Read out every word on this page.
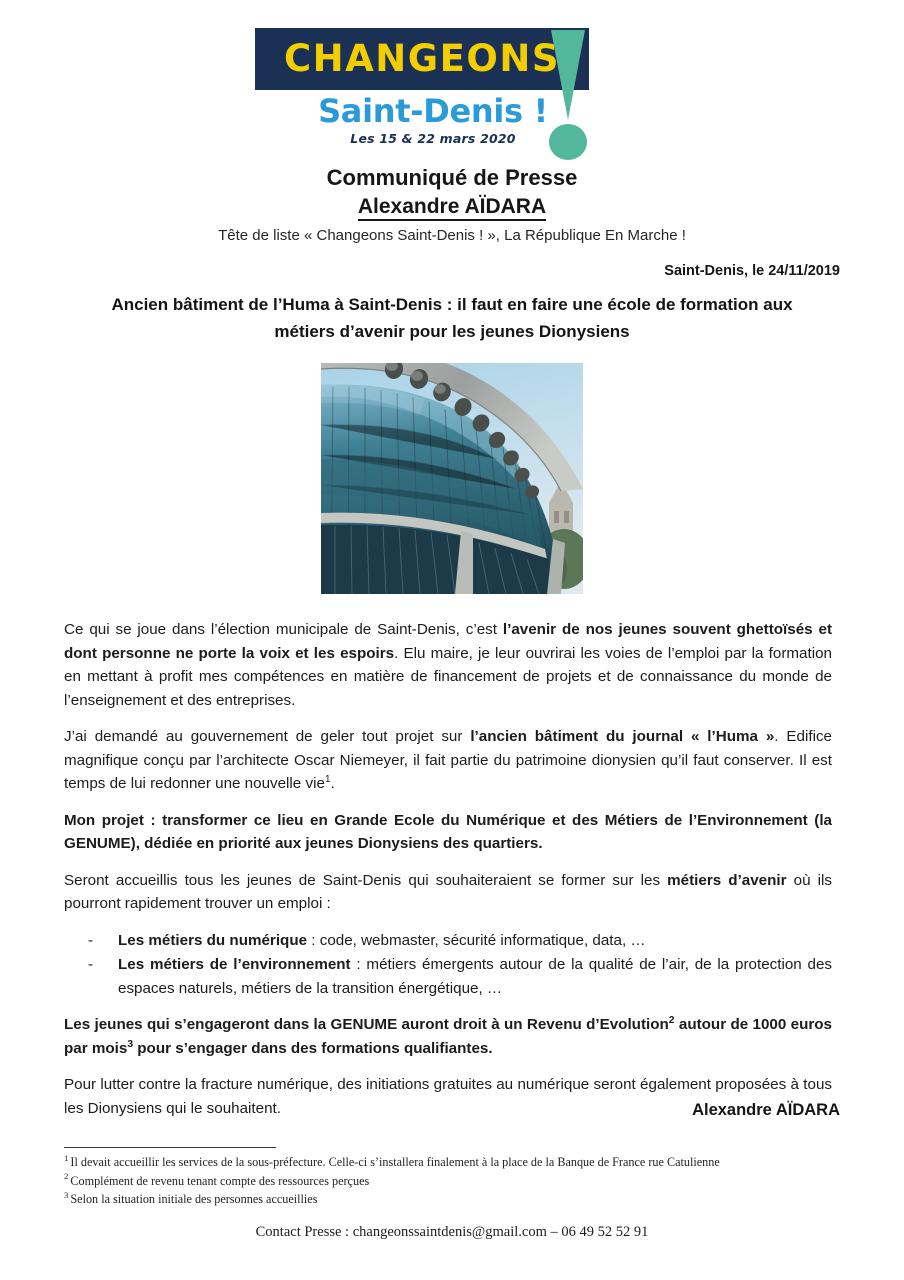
CHANGEONS
Saint-Denis !
Les 15 & 22 mars 2020
Communiqué de Presse
Alexandre AÏDARA
Tête de liste « Changeons Saint-Denis ! », La République En Marche !
Saint-Denis, le 24/11/2019
Ancien bâtiment de l’Huma à Saint-Denis : il faut en faire une école de formation aux métiers d’avenir pour les jeunes Dionysiens

Ce qui se joue dans l’élection municipale de Saint-Denis, c’est l’avenir de nos jeunes souvent ghettoïsés et dont personne ne porte la voix et les espoirs. Elu maire, je leur ouvrirai les voies de l’emploi par la formation en mettant à profit mes compétences en matière de financement de projets et de connaissance du monde de l’enseignement et des entreprises.

J’ai demandé au gouvernement de geler tout projet sur l’ancien bâtiment du journal « l’Huma ». Edifice magnifique conçu par l’architecte Oscar Niemeyer, il fait partie du patrimoine dionysien qu’il faut conserver. Il est temps de lui redonner une nouvelle vie$^1$.

Mon projet : transformer ce lieu en Grande Ecole du Numérique et des Métiers de l’Environnement (la GENUME), dédiée en priorité aux jeunes Dionysiens des quartiers.

Seront accueillis tous les jeunes de Saint-Denis qui souhaiteraient se former sur les métiers d’avenir où ils pourront rapidement trouver un emploi :

- Les métiers du numérique : code, webmaster, sécurité informatique, data, …
- Les métiers de l’environnement : métiers émergents autour de la qualité de l’air, de la protection des espaces naturels, métiers de la transition énergétique, …

Les jeunes qui s’engageront dans la GENUME auront droit à un Revenu d’Evolution$^2$ autour de 1000 euros par mois$^3$ pour s’engager dans des formations qualifiantes.

Pour lutter contre la fracture numérique, des initiations gratuites au numérique seront également proposées à tous les Dionysiens qui le souhaitent.	Alexandre AÏDARA
$^1$ Il devait accueillir les services de la sous-préfecture. Celle-ci s’installera finalement à la place de la Banque de France rue Catulienne
$^2$ Complément de revenu tenant compte des ressources perçues
$^3$ Selon la situation initiale des personnes accueillies
Contact Presse : changeonssaintdenis@gmail.com – 06 49 52 52 91
